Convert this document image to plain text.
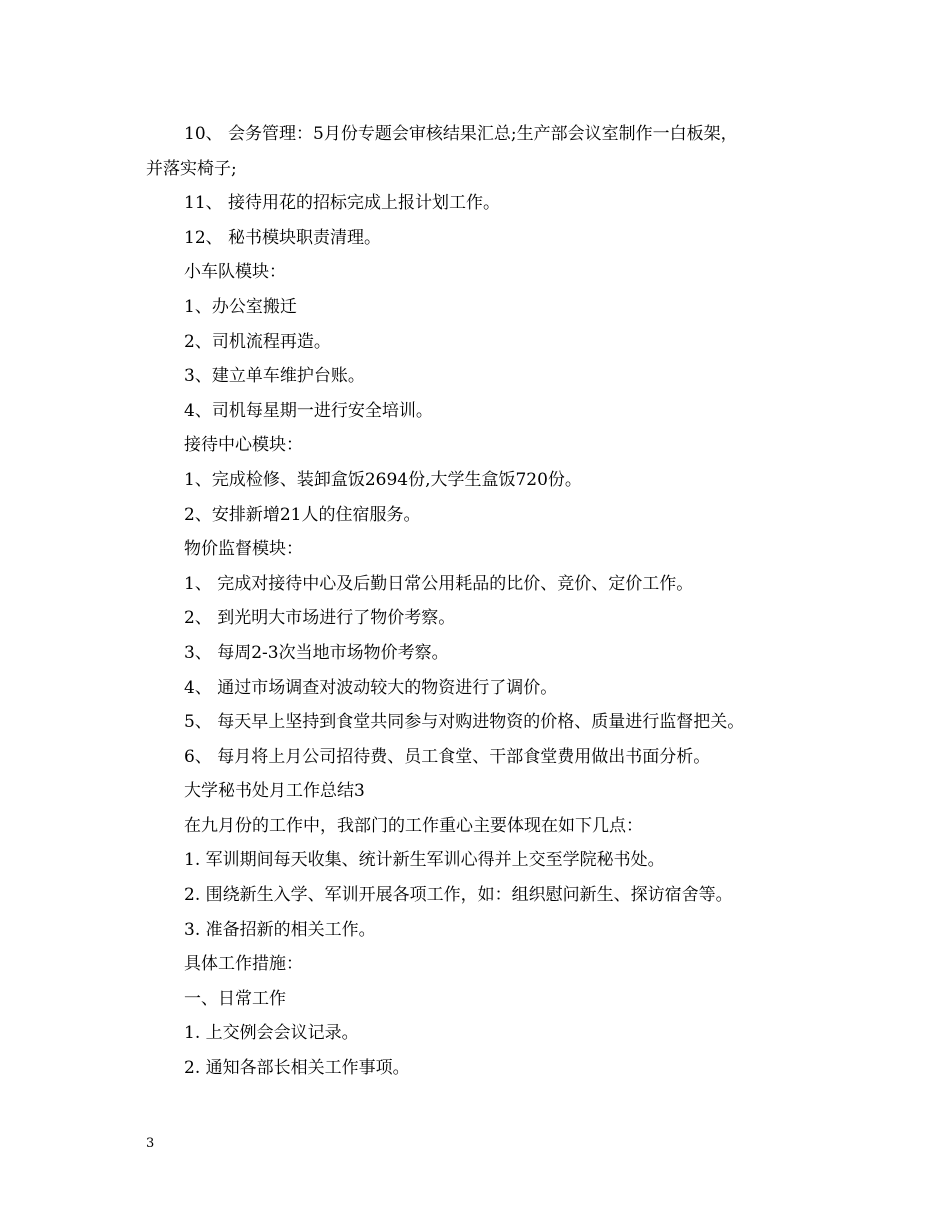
10、 会务管理：5月份专题会审核结果汇总;生产部会议室制作一白板架，
并落实椅子;
11、 接待用花的招标完成上报计划工作。
12、 秘书模块职责清理。
小车队模块：
1、办公室搬迁
2、司机流程再造。
3、建立单车维护台账。
4、司机每星期一进行安全培训。
接待中心模块：
1、完成检修、装卸盒饭2694份,大学生盒饭720份。
2、安排新增21人的住宿服务。
物价监督模块：
1、 完成对接待中心及后勤日常公用耗品的比价、竞价、定价工作。
2、 到光明大市场进行了物价考察。
3、 每周2-3次当地市场物价考察。
4、 通过市场调查对波动较大的物资进行了调价。
5、 每天早上坚持到食堂共同参与对购进物资的价格、质量进行监督把关。
6、 每月将上月公司招待费、员工食堂、干部食堂费用做出书面分析。
大学秘书处月工作总结3
在九月份的工作中，我部门的工作重心主要体现在如下几点：
1. 军训期间每天收集、统计新生军训心得并上交至学院秘书处。
2. 围绕新生入学、军训开展各项工作，如：组织慰问新生、探访宿舍等。
3. 准备招新的相关工作。
具体工作措施：
一、日常工作
1. 上交例会会议记录。
2. 通知各部长相关工作事项。
3
